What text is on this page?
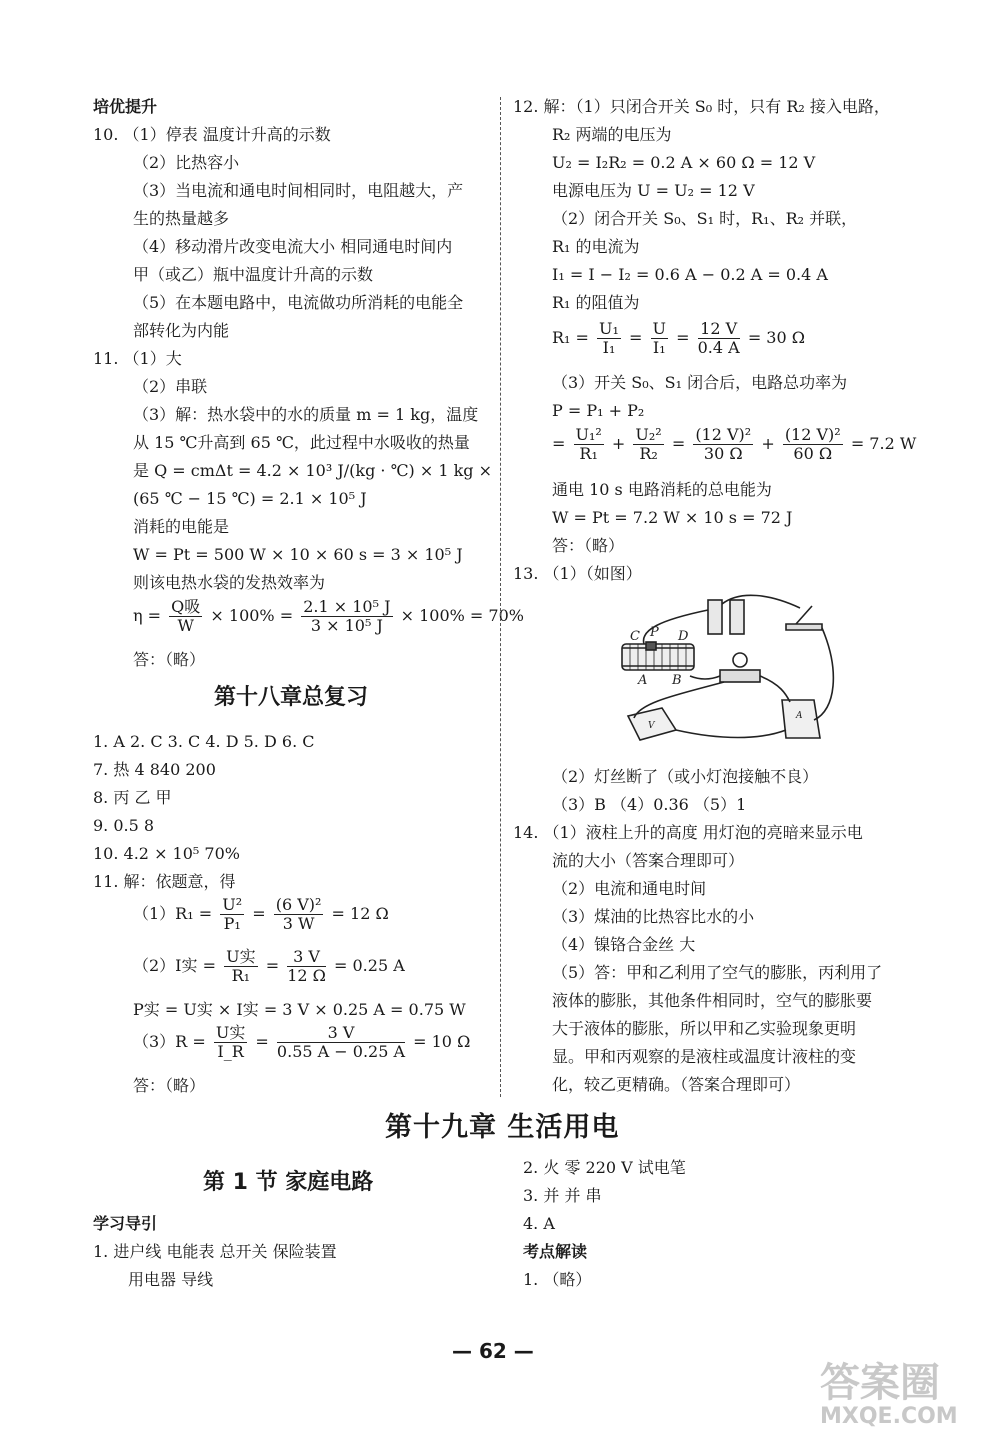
培优提升
10. （1）停表 温度计升高的示数
（2）比热容小
（3）当电流和通电时间相同时，电阻越大，产
生的热量越多
（4）移动滑片改变电流大小 相同通电时间内
甲（或乙）瓶中温度计升高的示数
（5）在本题电路中，电流做功所消耗的电能全
部转化为内能
11. （1）大
（2）串联
（3）解：热水袋中的水的质量 m = 1 kg，温度
从 15 ℃升高到 65 ℃，此过程中水吸收的热量
是 Q = cmΔt = 4.2 × 10³ J/(kg · ℃) × 1 kg ×
(65 ℃ − 15 ℃) = 2.1 × 10⁵ J
消耗的电能是
W = Pt = 500 W × 10 × 60 s = 3 × 10⁵ J
则该电热水袋的发热效率为
$\eta = \frac{\text{Q吸}}{W} \times 100\% = \frac{\text{2.1 × 10⁵ J}}{\text{3 × 10⁵ J}} \times 100\% = 70\%$
答：（略）
第十八章总复习
1. A 2. C 3. C 4. D 5. D 6. C
7. 热 4 840 200
8. 丙 乙 甲
9. 0.5 8
10. 4.2 × 10⁵ 70%
11. 解：依题意，得
$(1)R_1 = \frac{\text{U²}}{\text{P₁}} = \frac{\text{(6 V)²}}{3 W} = 12$ Ω
（2）I实 = $\frac{\text{U实}}{\text{R₁}} = \frac{3 V}{12 \Omega} = 0.25$ A
P实 = U实 × I实 = 3 V × 0.25 A = 0.75 W
$(3)R = \frac{\text{U实}}{I\_R} = \frac{3 V}{0.55 A - 0.25 A} = 10$ Ω
答：（略）
12. 解：（1）只闭合开关 S₀ 时，只有 R₂ 接入电路，
R₂ 两端的电压为
U₂ = I₂R₂ = 0.2 A × 60 Ω = 12 V
电源电压为 U = U₂ = 12 V
（2）闭合开关 S₀、S₁ 时，R₁、R₂ 并联，
R₁ 的电流为
I₁ = I − I₂ = 0.6 A − 0.2 A = 0.4 A
R₁ 的阻值为
$R_1 = \frac{\text{U₁}}{\text{I₁}} = \frac{U}{\text{I₁}} = \frac{12 V}{0.4 A} = 30$ Ω
（3）开关 S₀、S₁ 闭合后，电路总功率为
P = P₁ + P₂
= $\frac{\text{U₁²}}{\text{R₁}} + \frac{\text{U₂²}}{\text{R₂}} = \frac{\text{(12 V)²}}{30 \Omega} + \frac{\text{(12 V)²}}{60 \Omega} = 7.2$ W
通电 10 s 电路消耗的总电能为
W = Pt = 7.2 W × 10 s = 72 J
答：（略）
13. （1）（如图）
C P D
A B
V
A
（2）灯丝断了（或小灯泡接触不良）
（3）B （4）0.36 （5）1
14. （1）液柱上升的高度 用灯泡的亮暗来显示电
流的大小（答案合理即可）
（2）电流和通电时间
（3）煤油的比热容比水的小
（4）镍铬合金丝 大
（5）答：甲和乙利用了空气的膨胀，丙利用了
液体的膨胀，其他条件相同时，空气的膨胀要
大于液体的膨胀，所以甲和乙实验现象更明
显。甲和丙观察的是液柱或温度计液柱的变
化，较乙更精确。（答案合理即可）
第十九章 生活用电
第 1 节 家庭电路
学习导引
1. 进户线 电能表 总开关 保险装置
用电器 导线
2. 火 零 220 V 试电笔
3. 并 并 串
4. A
考点解读
1. （略）
— 62 —
答案圈
MXQE.COM
